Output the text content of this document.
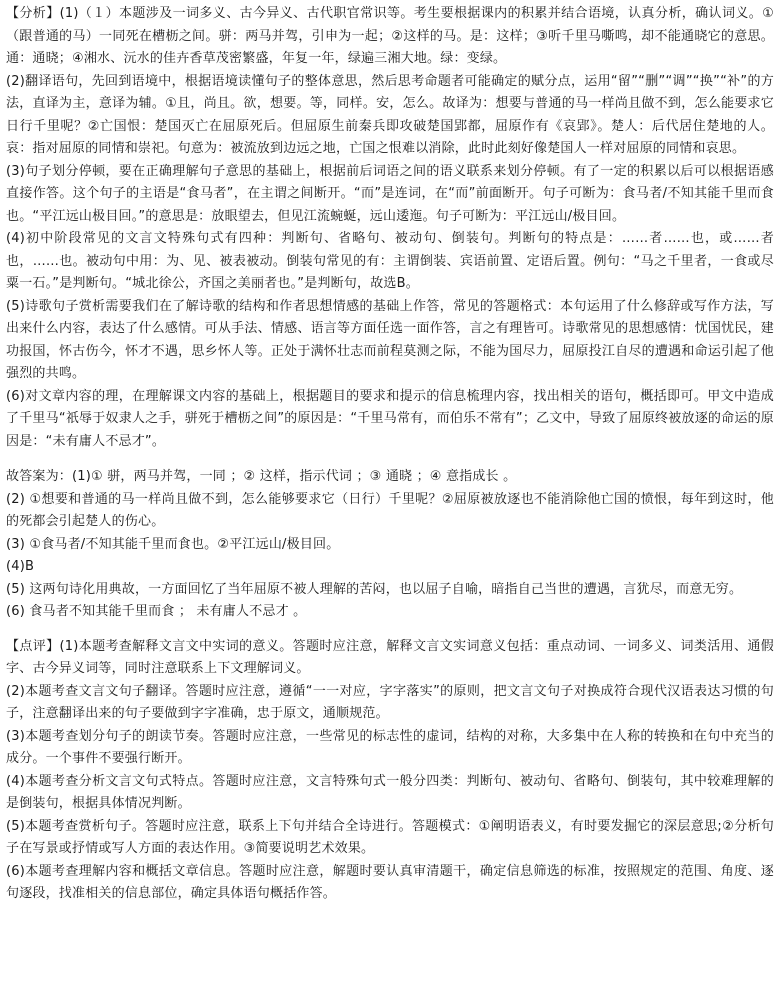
【分析】(1)（１）本题涉及一词多义、古今异义、古代职官常识等。考生要根据课内的积累并结合语境，认真分析，确认词义。①（跟普通的马）一同死在槽枥之间。骈：两马并驾，引申为一起；②这样的马。是：这样；③听千里马嘶鸣，却不能通晓它的意思。通：通晓；④湘水、沅水的佳卉香草茂密繁盛，年复一年，绿遍三湘大地。绿：变绿。

(2)翻译语句，先回到语境中，根据语境读懂句子的整体意思，然后思考命题者可能确定的赋分点，运用“留”“删”“调”“换”“补”的方法，直译为主，意译为辅。①且，尚且。欲，想要。等，同样。安，怎么。故译为：想要与普通的马一样尚且做不到，怎么能要求它日行千里呢？②亡国恨：楚国灭亡在屈原死后。但屈原生前秦兵即攻破楚国郢都，屈原作有《哀郢》。楚人：后代居住楚地的人。哀：指对屈原的同情和崇祀。句意为：被流放到边远之地，亡国之恨难以消除，此时此刻好像楚国人一样对屈原的同情和哀思。

(3)句子划分停顿，要在正确理解句子意思的基础上，根据前后词语之间的语义联系来划分停顿。有了一定的积累以后可以根据语感直接作答。这个句子的主语是“食马者”，在主谓之间断开。“而”是连词，在“而”前面断开。句子可断为：食马者/不知其能千里而食也。“平江远山极目回。”的意思是：放眼望去，但见江流蜿蜒，远山逶迤。句子可断为：平江远山/极目回。

(4)初中阶段常见的文言文特殊句式有四种：判断句、省略句、被动句、倒装句。判断句的特点是：……者……也，或……者也，……也。被动句中用：为、见、被表被动。倒装句常见的有：主谓倒装、宾语前置、定语后置。例句：“马之千里者，一食或尽粟一石。”是判断句。“城北徐公，齐国之美丽者也。”是判断句，故选B。

(5)诗歌句子赏析需要我们在了解诗歌的结构和作者思想情感的基础上作答，常见的答题格式：本句运用了什么修辞或写作方法，写出来什么内容，表达了什么感情。可从手法、情感、语言等方面任选一面作答，言之有理皆可。诗歌常见的思想感情：忧国忧民，建功报国，怀古伤今，怀才不遇，思乡怀人等。正处于满怀壮志而前程莫测之际，不能为国尽力，屈原投江自尽的遭遇和命运引起了他强烈的共鸣。

(6)对文章内容的理，在理解课文内容的基础上，根据题目的要求和提示的信息梳理内容，找出相关的语句，概括即可。甲文中造成了千里马“祇辱于奴隶人之手，骈死于槽枥之间”的原因是：“千里马常有，而伯乐不常有”；乙文中，导致了屈原终被放逐的命运的原因是：“未有庸人不忌才”。

故答案为：(1)① 骈，两马并驾，一同 ；② 这样，指示代词 ；③ 通晓 ；④ 意指成长 。

(2) ①想要和普通的马一样尚且做不到，怎么能够要求它（日行）千里呢？②屈原被放逐也不能消除他亡国的愤恨，每年到这时，他的死都会引起楚人的伤心。

(3) ①食马者/不知其能千里而食也。②平江远山/极目回。

(4)B

(5) 这两句诗化用典故，一方面回忆了当年屈原不被人理解的苦闷，也以屈子自喻，暗指自己当世的遭遇，言犹尽，而意无穷。

(6) 食马者不知其能千里而食 ； 未有庸人不忌才 。

【点评】(1)本题考查解释文言文中实词的意义。答题时应注意，解释文言文实词意义包括：重点动词、一词多义、词类活用、通假字、古今异义词等，同时注意联系上下文理解词义。

(2)本题考查文言文句子翻译。答题时应注意，遵循“一一对应，字字落实”的原则，把文言文句子对换成符合现代汉语表达习惯的句子，注意翻译出来的句子要做到字字准确，忠于原文，通顺规范。

(3)本题考查划分句子的朗读节奏。答题时应注意，一些常见的标志性的虚词，结构的对称，大多集中在人称的转换和在句中充当的成分。一个事件不要强行断开。

(4)本题考查分析文言文句式特点。答题时应注意，文言特殊句式一般分四类：判断句、被动句、省略句、倒装句，其中较难理解的是倒装句，根据具体情况判断。

(5)本题考查赏析句子。答题时应注意，联系上下句并结合全诗进行。答题模式：①阐明语表义，有时要发掘它的深层意思;②分析句子在写景或抒情或写人方面的表达作用。③简要说明艺术效果。

(6)本题考查理解内容和概括文章信息。答题时应注意，解题时要认真审清题干，确定信息筛选的标准，按照规定的范围、角度、逐句逐段，找准相关的信息部位，确定具体语句概括作答。
